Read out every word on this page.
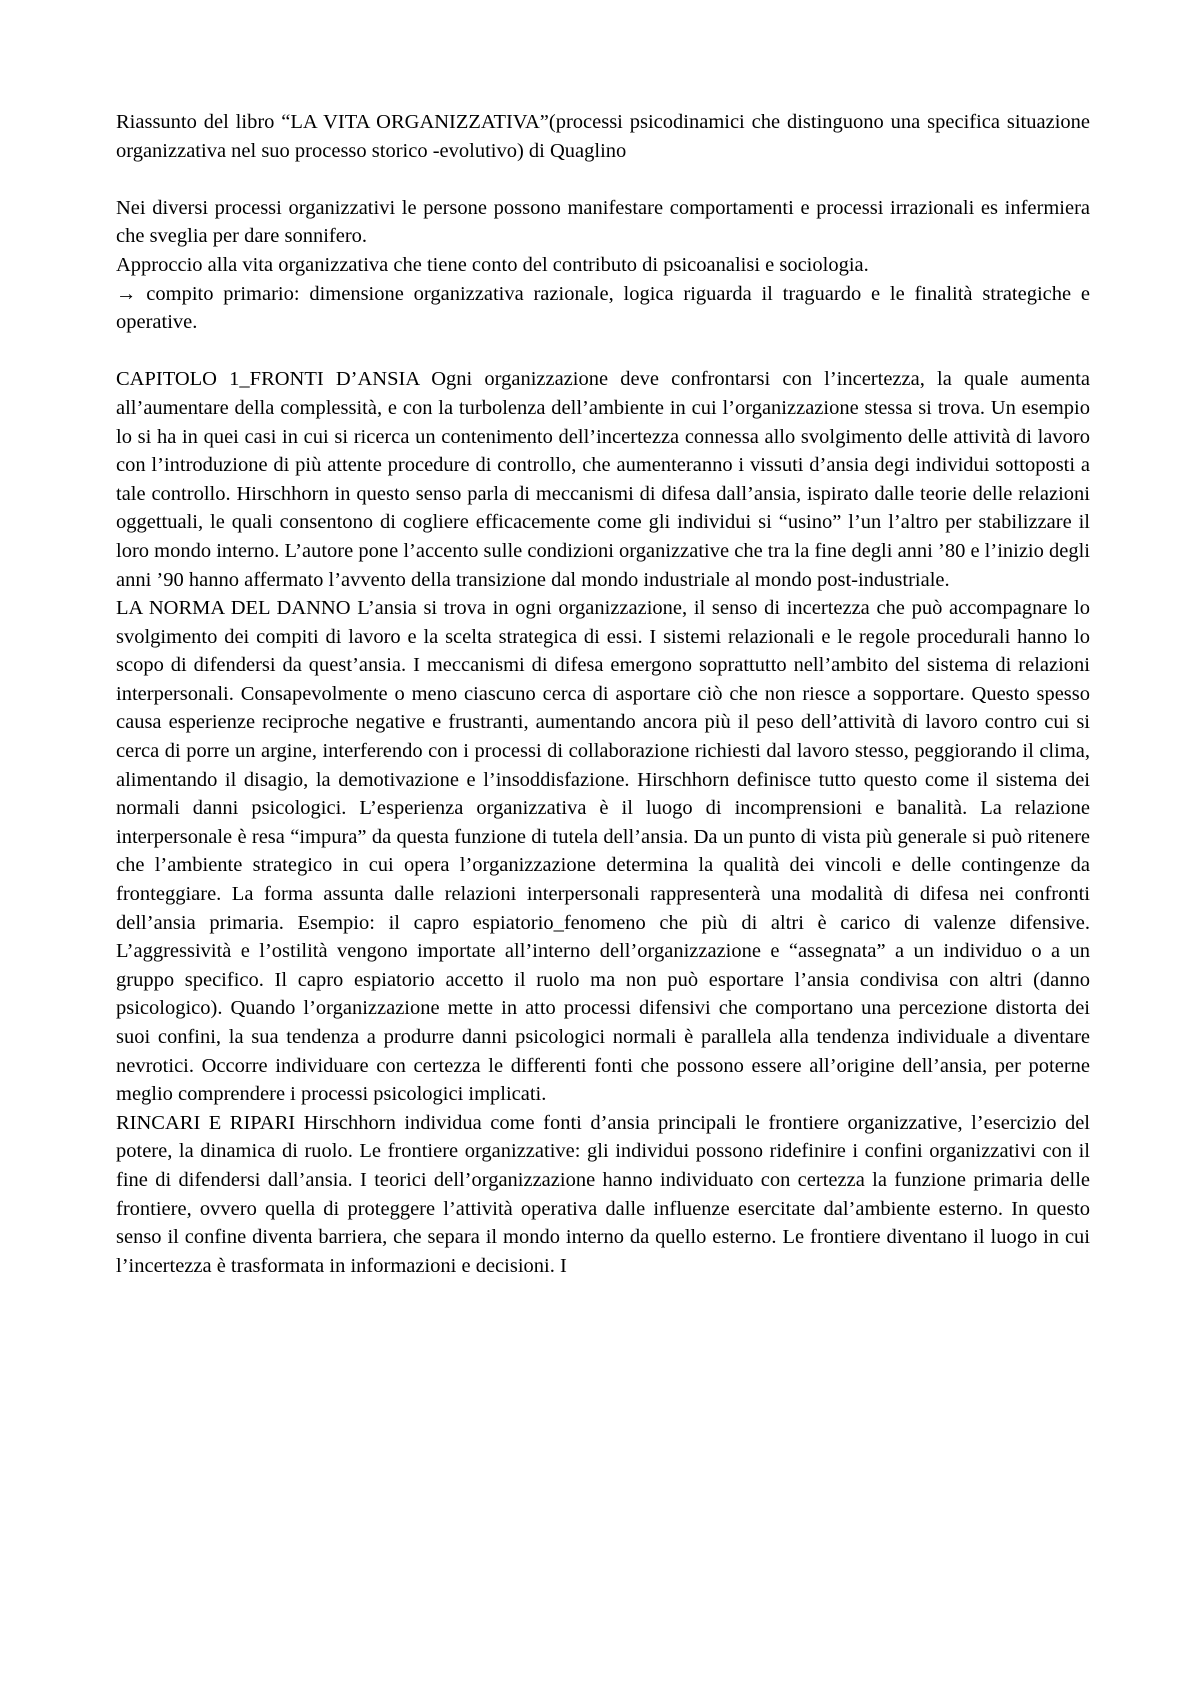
Riassunto del libro “LA VITA ORGANIZZATIVA”(processi psicodinamici che distinguono una specifica situazione organizzativa nel suo processo storico -evolutivo) di Quaglino

Nei diversi processi organizzativi le persone possono manifestare comportamenti e processi irrazionali es infermiera che sveglia per dare sonnifero.

Approccio alla vita organizzativa che tiene conto del contributo di psicoanalisi e sociologia.

→ compito primario: dimensione organizzativa razionale, logica riguarda il traguardo e le finalità strategiche e operative.

CAPITOLO 1_FRONTI D’ANSIA Ogni organizzazione deve confrontarsi con l’incertezza, la quale aumenta all’aumentare della complessità, e con la turbolenza dell’ambiente in cui l’organizzazione stessa si trova. Un esempio lo si ha in quei casi in cui si ricerca un contenimento dell’incertezza connessa allo svolgimento delle attività di lavoro con l’introduzione di più attente procedure di controllo, che aumenteranno i vissuti d’ansia degi individui sottoposti a tale controllo. Hirschhorn in questo senso parla di meccanismi di difesa dall’ansia, ispirato dalle teorie delle relazioni oggettuali, le quali consentono di cogliere efficacemente come gli individui si “usino” l’un l’altro per stabilizzare il loro mondo interno. L’autore pone l’accento sulle condizioni organizzative che tra la fine degli anni ’80 e l’inizio degli anni ’90 hanno affermato l’avvento della transizione dal mondo industriale al mondo post-industriale.

LA NORMA DEL DANNO L’ansia si trova in ogni organizzazione, il senso di incertezza che può accompagnare lo svolgimento dei compiti di lavoro e la scelta strategica di essi. I sistemi relazionali e le regole procedurali hanno lo scopo di difendersi da quest’ansia. I meccanismi di difesa emergono soprattutto nell’ambito del sistema di relazioni interpersonali. Consapevolmente o meno ciascuno cerca di asportare ciò che non riesce a sopportare. Questo spesso causa esperienze reciproche negative e frustranti, aumentando ancora più il peso dell’attività di lavoro contro cui si cerca di porre un argine, interferendo con i processi di collaborazione richiesti dal lavoro stesso, peggiorando il clima, alimentando il disagio, la demotivazione e l’insoddisfazione. Hirschhorn definisce tutto questo come il sistema dei normali danni psicologici. L’esperienza organizzativa è il luogo di incomprensioni e banalità. La relazione interpersonale è resa “impura” da questa funzione di tutela dell’ansia. Da un punto di vista più generale si può ritenere che l’ambiente strategico in cui opera l’organizzazione determina la qualità dei vincoli e delle contingenze da fronteggiare. La forma assunta dalle relazioni interpersonali rappresenterà una modalità di difesa nei confronti dell’ansia primaria. Esempio: il capro espiatorio_fenomeno che più di altri è carico di valenze difensive. L’aggressività e l’ostilità vengono importate all’interno dell’organizzazione e “assegnata” a un individuo o a un gruppo specifico. Il capro espiatorio accetto il ruolo ma non può esportare l’ansia condivisa con altri (danno psicologico). Quando l’organizzazione mette in atto processi difensivi che comportano una percezione distorta dei suoi confini, la sua tendenza a produrre danni psicologici normali è parallela alla tendenza individuale a diventare nevrotici. Occorre individuare con certezza le differenti fonti che possono essere all’origine dell’ansia, per poterne meglio comprendere i processi psicologici implicati.

RINCARI E RIPARI Hirschhorn individua come fonti d’ansia principali le frontiere organizzative, l’esercizio del potere, la dinamica di ruolo. Le frontiere organizzative: gli individui possono ridefinire i confini organizzativi con il fine di difendersi dall’ansia. I teorici dell’organizzazione hanno individuato con certezza la funzione primaria delle frontiere, ovvero quella di proteggere l’attività operativa dalle influenze esercitate dal’ambiente esterno. In questo senso il confine diventa barriera, che separa il mondo interno da quello esterno. Le frontiere diventano il luogo in cui l’incertezza è trasformata in informazioni e decisioni. I
